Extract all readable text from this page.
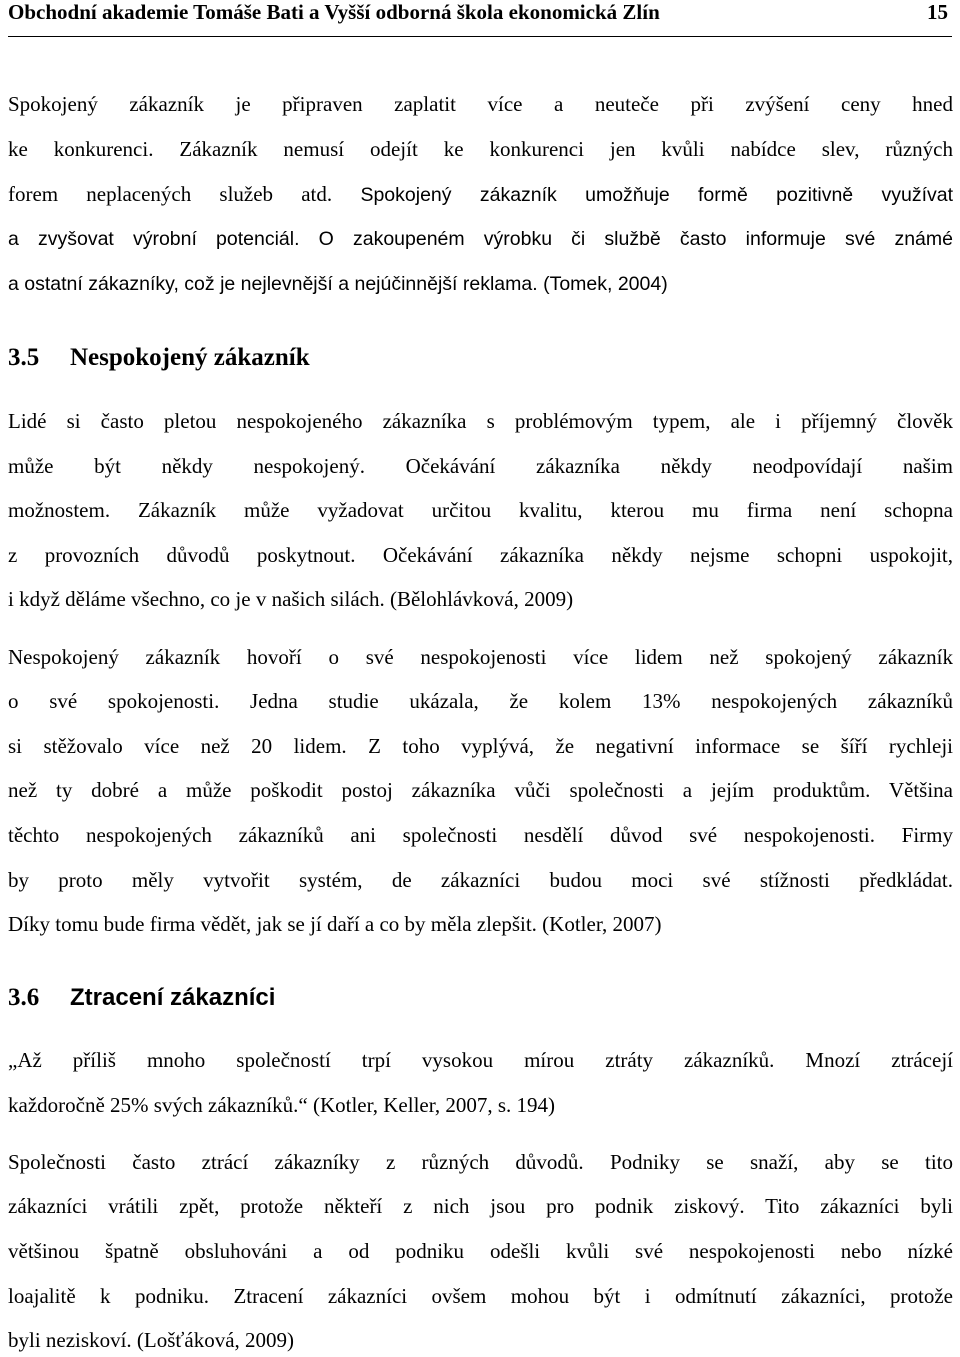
Obchodní akademie Tomáše Bati a Vyšší odborná škola ekonomická Zlín	15
Spokojený zákazník je připraven zaplatit více a neuteče při zvýšení ceny hned
ke konkurenci. Zákazník nemusí odejít ke konkurenci jen kvůli nabídce slev, různých
forem neplacených služeb atd. Spokojený zákazník umožňuje formě pozitivně využívat
a zvyšovat výrobní potenciál. O zakoupeném výrobku či službě často informuje své známé
a ostatní zákazníky, což je nejlevnější a nejúčinnější reklama. (Tomek, 2004)
3.5 Nespokojený zákazník
Lidé si často pletou nespokojeného zákazníka s problémovým typem, ale i příjemný člověk
může být někdy nespokojený. Očekávání zákazníka někdy neodpovídají našim
možnostem. Zákazník může vyžadovat určitou kvalitu, kterou mu firma není schopna
z provozních důvodů poskytnout. Očekávání zákazníka někdy nejsme schopni uspokojit,
i když děláme všechno, co je v našich silách. (Bělohlávková, 2009)
Nespokojený zákazník hovoří o své nespokojenosti více lidem než spokojený zákazník
o své spokojenosti. Jedna studie ukázala, že kolem 13% nespokojených zákazníků
si stěžovalo více než 20 lidem. Z toho vyplývá, že negativní informace se šíří rychleji
než ty dobré a může poškodit postoj zákazníka vůči společnosti a jejím produktům. Většina
těchto nespokojených zákazníků ani společnosti nesdělí důvod své nespokojenosti. Firmy
by proto měly vytvořit systém, de zákazníci budou moci své stížnosti předkládat.
Díky tomu bude firma vědět, jak se jí daří a co by měla zlepšit. (Kotler, 2007)
3.6 Ztracení zákazníci
„Až příliš mnoho společností trpí vysokou mírou ztráty zákazníků. Mnozí ztrácejí
každoročně 25% svých zákazníků.“ (Kotler, Keller, 2007, s. 194)
Společnosti často ztrácí zákazníky z různých důvodů. Podniky se snaží, aby se tito
zákazníci vrátili zpět, protože někteří z nich jsou pro podnik ziskový. Tito zákazníci byli
většinou špatně obsluhováni a od podniku odešli kvůli své nespokojenosti nebo nízké
loajalitě k podniku. Ztracení zákazníci ovšem mohou být i odmítnutí zákazníci, protože
byli neziskoví. (Lošťáková, 2009)
